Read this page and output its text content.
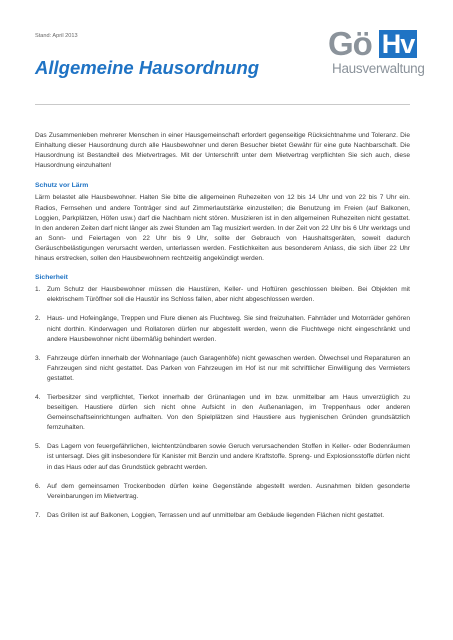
Stand: April 2013	Gö Hv
Hausverwaltung
Allgemeine Hausordnung

Das Zusammenleben mehrerer Menschen in einer Hausgemeinschaft erfordert gegenseitige Rücksichtnahme und Toleranz. Die Einhaltung dieser Hausordnung durch alle Hausbewohner und deren Besucher bietet Gewähr für eine gute Nachbarschaft. Die Hausordnung ist Bestandteil des Mietvertrages. Mit der Unterschrift unter dem Mietvertrag verpflichten Sie sich auch, diese Hausordnung einzuhalten!

Schutz vor Lärm

Lärm belastet alle Hausbewohner. Halten Sie bitte die allgemeinen Ruhezeiten von 12 bis 14 Uhr und von 22 bis 7 Uhr ein. Radios, Fernsehen und andere Tonträger sind auf Zimmerlautstärke einzustellen; die Benutzung im Freien (auf Balkonen, Loggien, Parkplätzen, Höfen usw.) darf die Nachbarn nicht stören. Musizieren ist in den allgemeinen Ruhezeiten nicht gestattet. In den anderen Zeiten darf nicht länger als zwei Stunden am Tag musiziert werden. In der Zeit von 22 Uhr bis 6 Uhr werktags und an Sonn- und Feiertagen von 22 Uhr bis 9 Uhr, sollte der Gebrauch von Haushaltsgeräten, soweit dadurch Geräuschbelästigungen verursacht werden, unterlassen werden. Festlichkeiten aus besonderem Anlass, die sich über 22 Uhr hinaus erstrecken, sollen den Hausbewohnern rechtzeitig angekündigt werden.

Sicherheit
1. Zum Schutz der Hausbewohner müssen die Haustüren, Keller- und Hoftüren geschlossen bleiben. Bei Objekten mit elektrischem Türöffner soll die Haustür ins Schloss fallen, aber nicht abgeschlossen werden.
2. Haus- und Hofeingänge, Treppen und Flure dienen als Fluchtweg. Sie sind freizuhalten. Fahrräder und Motorräder gehören nicht dorthin. Kinderwagen und Rollatoren dürfen nur abgestellt werden, wenn die Fluchtwege nicht eingeschränkt und andere Hausbewohner nicht übermäßig behindert werden.
3. Fahrzeuge dürfen innerhalb der Wohnanlage (auch Garagenhöfe) nicht gewaschen werden. Ölwechsel und Reparaturen an Fahrzeugen sind nicht gestattet. Das Parken von Fahrzeugen im Hof ist nur mit schriftlicher Einwilligung des Vermieters gestattet.
4. Tierbesitzer sind verpflichtet, Tierkot innerhalb der Grünanlagen und im bzw. unmittelbar am Haus unverzüglich zu beseitigen. Haustiere dürfen sich nicht ohne Aufsicht in den Außenanlagen, im Treppenhaus oder anderen Gemeinschaftseinrichtungen aufhalten. Von den Spielplätzen sind Haustiere aus hygienischen Gründen grundsätzlich fernzuhalten.
5. Das Lagern von feuergefährlichen, leichtentzündbaren sowie Geruch verursachenden Stoffen in Keller- oder Bodenräumen ist untersagt. Dies gilt insbesondere für Kanister mit Benzin und andere Kraftstoffe. Spreng- und Explosionsstoffe dürfen nicht in das Haus oder auf das Grundstück gebracht werden.
6. Auf dem gemeinsamen Trockenboden dürfen keine Gegenstände abgestellt werden. Ausnahmen bilden gesonderte Vereinbarungen im Mietvertrag.
7. Das Grillen ist auf Balkonen, Loggien, Terrassen und auf unmittelbar am Gebäude liegenden Flächen nicht gestattet.
